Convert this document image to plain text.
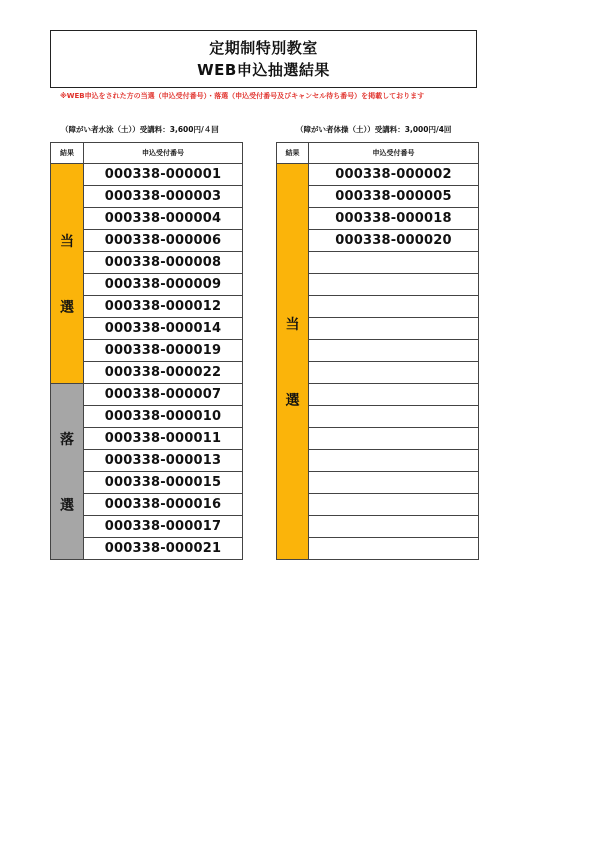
定期制特別教室
WEB申込抽選結果
※WEB申込をされた方の当選（申込受付番号）・落選（申込受付番号及びキャンセル待ち番号）を掲載しております
（障がい者水泳（土））受講料：3,600円/４回	（障がい者体操（土））受講料：3,000円/4回
結果	申込受付番号

当
選	000338-000001
	000338-000003
	000338-000004
	000338-000006
	000338-000008
	000338-000009
	000338-000012
	000338-000014
	000338-000019
	000338-000022

落
選	000338-000007
	000338-000010
	000338-000011
	000338-000013
	000338-000015
	000338-000016
	000338-000017
	000338-000021
結果	申込受付番号

当
選	000338-000002
	000338-000005
	000338-000018
	000338-000020
